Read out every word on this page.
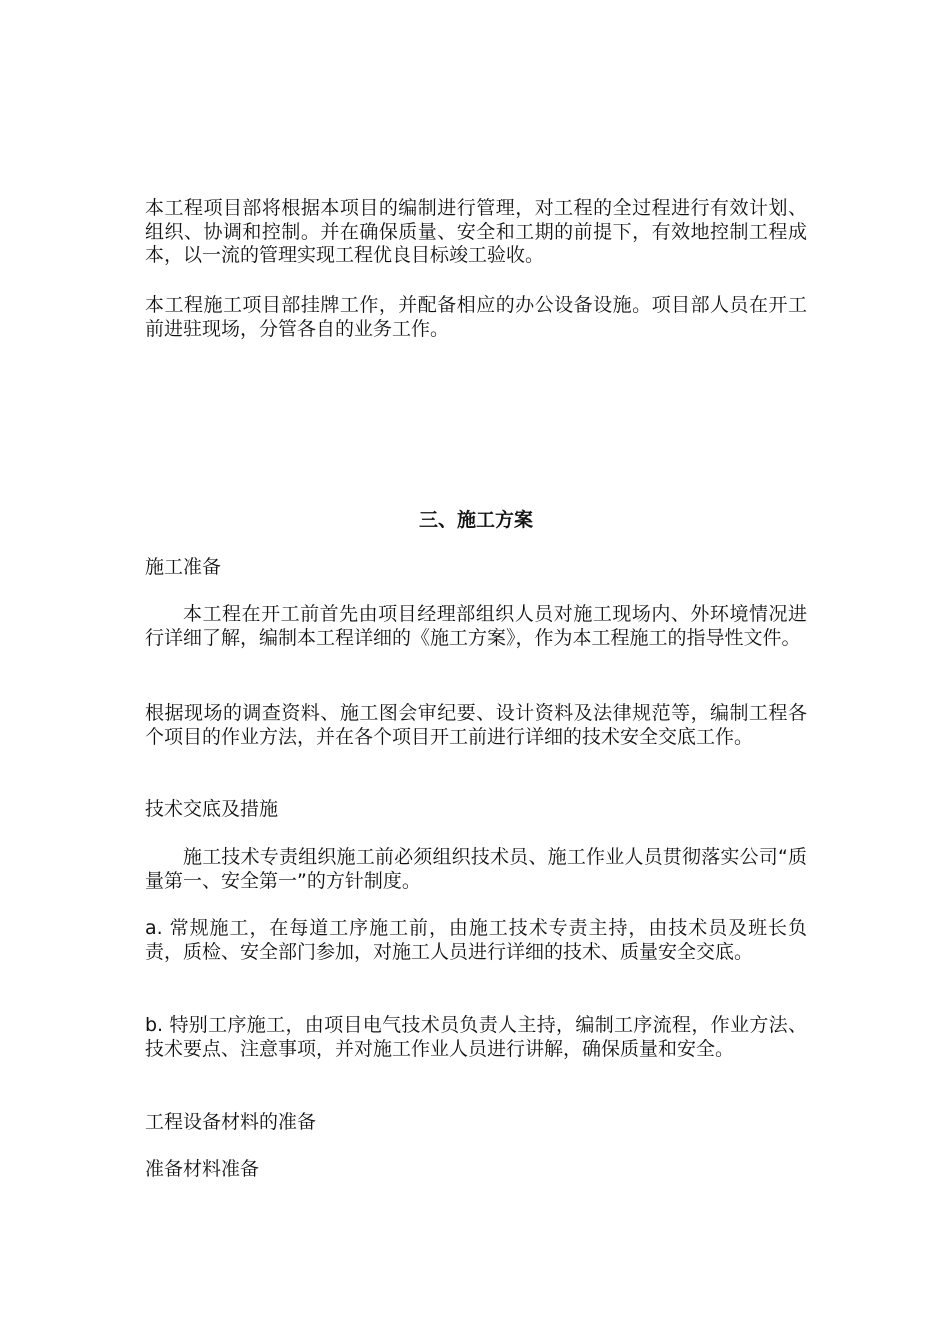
本工程项目部将根据本项目的编制进行管理，对工程的全过程进行有效计划、组织、协调和控制。并在确保质量、安全和工期的前提下，有效地控制工程成本，以一流的管理实现工程优良目标竣工验收。

本工程施工项目部挂牌工作，并配备相应的办公设备设施。项目部人员在开工前进驻现场，分管各自的业务工作。

三、施工方案
施工准备

本工程在开工前首先由项目经理部组织人员对施工现场内、外环境情况进行详细了解，编制本工程详细的《施工方案》，作为本工程施工的指导性文件。

根据现场的调查资料、施工图会审纪要、设计资料及法律规范等，编制工程各个项目的作业方法，并在各个项目开工前进行详细的技术安全交底工作。

技术交底及措施

施工技术专责组织施工前必须组织技术员、施工作业人员贯彻落实公司“质量第一、安全第一”的方针制度。

a. 常规施工，在每道工序施工前，由施工技术专责主持，由技术员及班长负责，质检、安全部门参加，对施工人员进行详细的技术、质量安全交底。

b. 特别工序施工，由项目电气技术员负责人主持，编制工序流程，作业方法、技术要点、注意事项，并对施工作业人员进行讲解，确保质量和安全。

工程设备材料的准备
准备材料准备
